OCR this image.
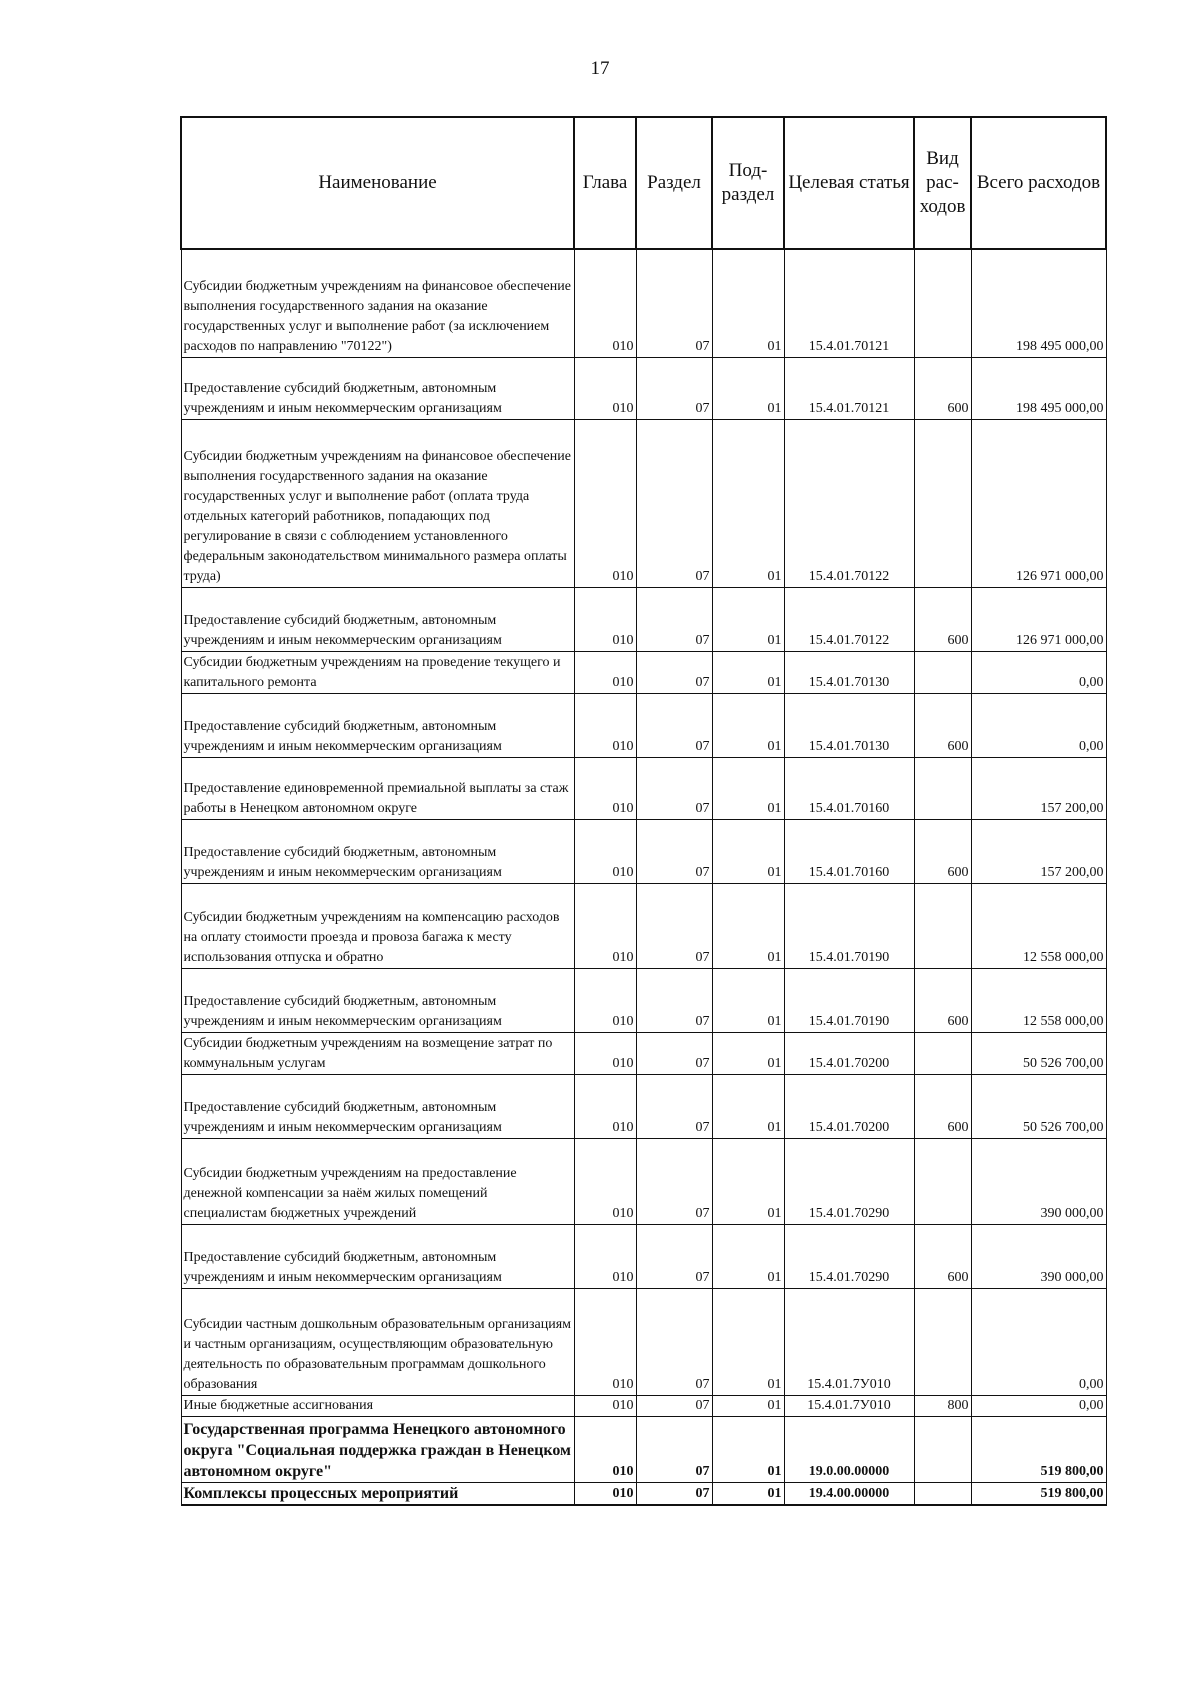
17
Наименование	Глава	Раздел	Под- раздел	Целевая статья	Вид рас- ходов	Всего расходов
Субсидии бюджетным учреждениям на финансовое обеспечение выполнения государственного задания на оказание государственных услуг и выполнение работ (за исключением расходов по направлению "70122")	010	07	01	15.4.01.70121		198 495 000,00
Предоставление субсидий бюджетным, автономным учреждениям и иным некоммерческим организациям	010	07	01	15.4.01.70121	600	198 495 000,00
Субсидии бюджетным учреждениям на финансовое обеспечение выполнения государственного задания на оказание государственных услуг и выполнение работ (оплата труда отдельных категорий работников, попадающих под регулирование в связи с соблюдением установленного федеральным законодательством минимального размера оплаты труда)	010	07	01	15.4.01.70122		126 971 000,00
Предоставление субсидий бюджетным, автономным учреждениям и иным некоммерческим организациям	010	07	01	15.4.01.70122	600	126 971 000,00
Субсидии бюджетным учреждениям на проведение текущего и капитального ремонта	010	07	01	15.4.01.70130		0,00
Предоставление субсидий бюджетным, автономным учреждениям и иным некоммерческим организациям	010	07	01	15.4.01.70130	600	0,00
Предоставление единовременной премиальной выплаты за стаж работы в Ненецком автономном округе	010	07	01	15.4.01.70160		157 200,00
Предоставление субсидий бюджетным, автономным учреждениям и иным некоммерческим организациям	010	07	01	15.4.01.70160	600	157 200,00
Субсидии бюджетным учреждениям на компенсацию расходов на оплату стоимости проезда и провоза багажа к месту использования отпуска и обратно	010	07	01	15.4.01.70190		12 558 000,00
Предоставление субсидий бюджетным, автономным учреждениям и иным некоммерческим организациям	010	07	01	15.4.01.70190	600	12 558 000,00
Субсидии бюджетным учреждениям на возмещение затрат по коммунальным услугам	010	07	01	15.4.01.70200		50 526 700,00
Предоставление субсидий бюджетным, автономным учреждениям и иным некоммерческим организациям	010	07	01	15.4.01.70200	600	50 526 700,00
Субсидии бюджетным учреждениям на предоставление денежной компенсации за наём жилых помещений специалистам бюджетных учреждений	010	07	01	15.4.01.70290		390 000,00
Предоставление субсидий бюджетным, автономным учреждениям и иным некоммерческим организациям	010	07	01	15.4.01.70290	600	390 000,00
Субсидии частным дошкольным образовательным организациям и частным организациям, осуществляющим образовательную деятельность по образовательным программам дошкольного образования	010	07	01	15.4.01.7У010		0,00
Иные бюджетные ассигнования	010	07	01	15.4.01.7У010	800	0,00
Государственная программа Ненецкого автономного округа "Социальная поддержка граждан в Ненецком автономном округе"	010	07	01	19.0.00.00000		519 800,00
Комплексы процессных мероприятий	010	07	01	19.4.00.00000		519 800,00
